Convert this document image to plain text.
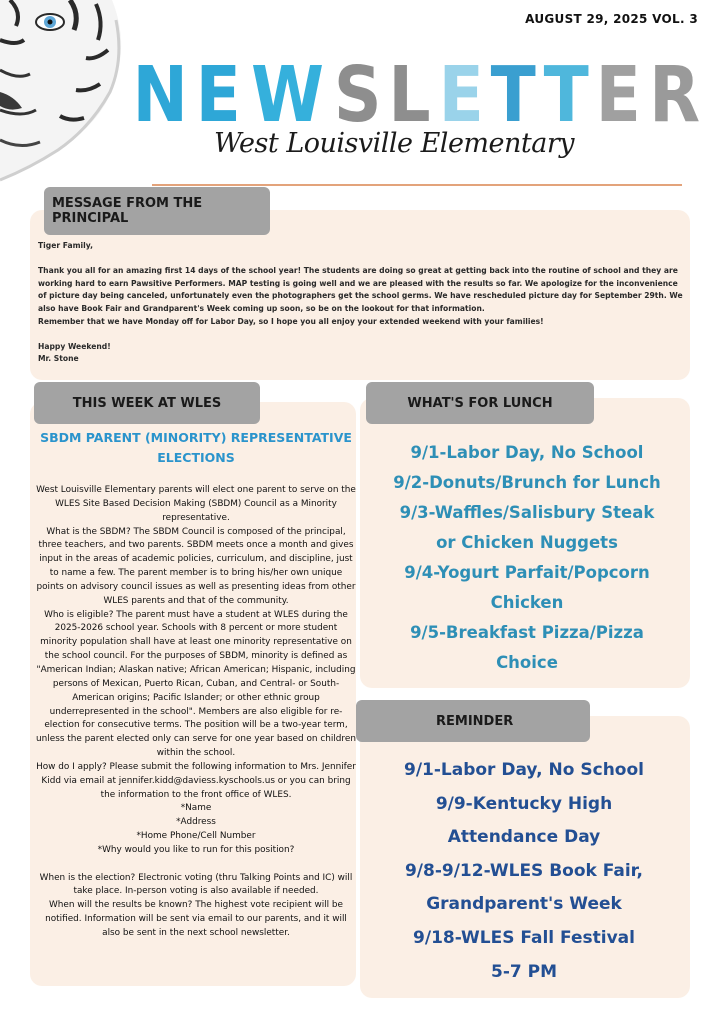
AUGUST 29, 2025 VOL. 3
N E W S L E T T E R
West Louisville Elementary
MESSAGE FROM THE PRINCIPAL

Tiger Family,

Thank you all for an amazing first 14 days of the school year! The students are doing so great at getting back into the routine of school and they are working hard to earn Pawsitive Performers. MAP testing is going well and we are pleased with the results so far. We apologize for the inconvenience of picture day being canceled, unfortunately even the photographers get the school germs. We have rescheduled picture day for September 29th. We also have Book Fair and Grandparent's Week coming up soon, so be on the lookout for that information.

Remember that we have Monday off for Labor Day, so I hope you all enjoy your extended weekend with your families!

Happy Weekend!

Mr. Stone

THIS WEEK AT WLES
SBDM PARENT (MINORITY) REPRESENTATIVE ELECTIONS

West Louisville Elementary parents will elect one parent to serve on the WLES Site Based Decision Making (SBDM) Council as a Minority representative.

What is the SBDM? The SBDM Council is composed of the principal, three teachers, and two parents. SBDM meets once a month and gives input in the areas of academic policies, curriculum, and discipline, just to name a few. The parent member is to bring his/her own unique points on advisory council issues as well as presenting ideas from other WLES parents and that of the community.

Who is eligible? The parent must have a student at WLES during the 2025-2026 school year. Schools with 8 percent or more student minority population shall have at least one minority representative on the school council. For the purposes of SBDM, minority is defined as "American Indian; Alaskan native; African American; Hispanic, including persons of Mexican, Puerto Rican, Cuban, and Central- or South-American origins; Pacific Islander; or other ethnic group underrepresented in the school". Members are also eligible for re-election for consecutive terms. The position will be a two-year term, unless the parent elected only can serve for one year based on children within the school.

How do I apply? Please submit the following information to Mrs. Jennifer Kidd via email at jennifer.kidd@daviess.kyschools.us or you can bring the information to the front office of WLES.

*Name

*Address

*Home Phone/Cell Number

*Why would you like to run for this position?

When is the election? Electronic voting (thru Talking Points and IC) will take place. In-person voting is also available if needed.

When will the results be known? The highest vote recipient will be notified. Information will be sent via email to our parents, and it will also be sent in the next school newsletter.

WHAT'S FOR LUNCH
9/1-Labor Day, No School
9/2-Donuts/Brunch for Lunch
9/3-Waffles/Salisbury Steak
or Chicken Nuggets
9/4-Yogurt Parfait/Popcorn
Chicken
9/5-Breakfast Pizza/Pizza
Choice
REMINDER
9/1-Labor Day, No School
9/9-Kentucky High
Attendance Day
9/8-9/12-WLES Book Fair,
Grandparent's Week
9/18-WLES Fall Festival
5-7 PM
